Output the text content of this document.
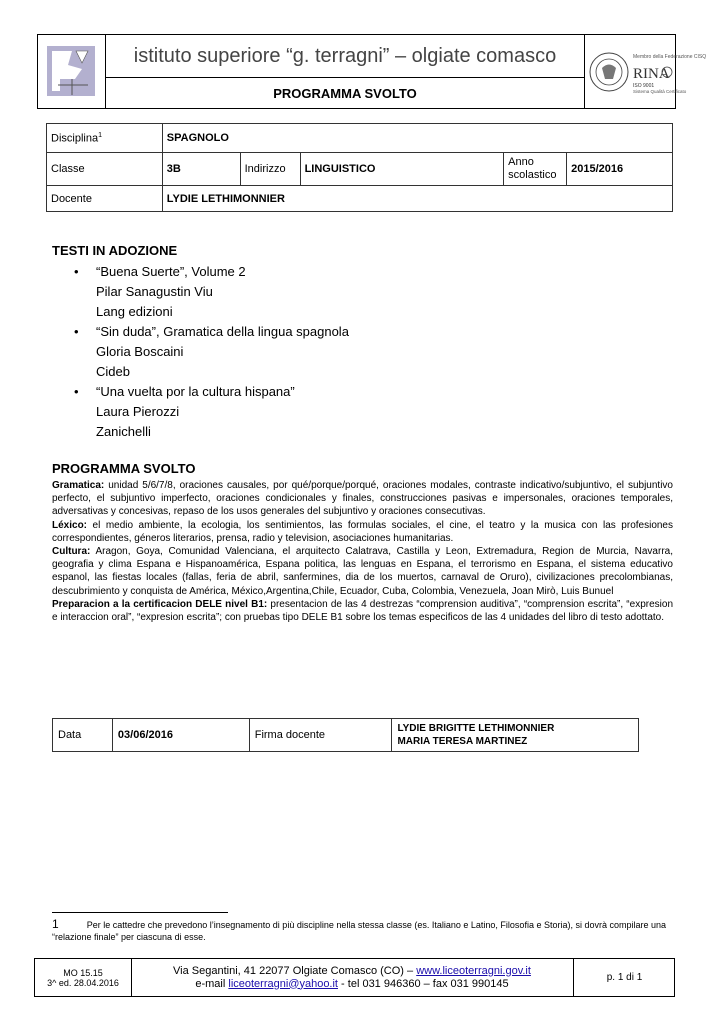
istituto superiore “g. terragni” – olgiate comasco
PROGRAMMA SVOLTO
Membro della Federazione CISQ
RINA
ISO 9001
Sistema Qualità Certificato
Disciplina$^1$	SPAGNOLO				
Classe	3B	Indirizzo	LINGUISTICO	Anno scolastico	2015/2016
Docente	LYDIE LETHIMONNIER				
TESTI IN ADOZIONE
• “Buena Suerte”, Volume 2
Pilar Sanagustin Viu
Lang edizioni
• “Sin duda”, Gramatica della lingua spagnola
Gloria Boscaini
Cideb
• “Una vuelta por la cultura hispana”
Laura Pierozzi
Zanichelli
PROGRAMMA SVOLTO
Gramatica: unidad 5/6/7/8, oraciones causales, por qué/porque/porqué, oraciones modales, contraste indicativo/subjuntivo, el subjuntivo perfecto, el subjuntivo imperfecto, oraciones condicionales y finales, construcciones pasivas e impersonales, oraciones temporales, adversativas y concesivas, repaso de los usos generales del subjuntivo y oraciones consecutivas.
Léxico: el medio ambiente, la ecologia, los sentimientos, las formulas sociales, el cine, el teatro y la musica con las profesiones correspondientes, géneros literarios, prensa, radio y television, asociaciones humanitarias.
Cultura: Aragon, Goya, Comunidad Valenciana, el arquitecto Calatrava, Castilla y Leon, Extremadura, Region de Murcia, Navarra, geografia y clima Espana e Hispanoamérica, Espana politica, las lenguas en Espana, el terrorismo en Espana, el sistema educativo espanol, las fiestas locales (fallas, feria de abril, sanfermines, dia de los muertos, carnaval de Oruro), civilizaciones precolombianas, descubrimiento y conquista de América, México,Argentina,Chile, Ecuador, Cuba, Colombia, Venezuela, Joan Mirò, Luis Bunuel
Preparacion a la certificacion DELE nivel B1: presentacion de las 4 destrezas “comprension auditiva”, “comprension escrita”, “expresion e interaccion oral”, “expresion escrita”; con pruebas tipo DELE B1 sobre los temas especificos de las 4 unidades del libro di testo adottato.
Data	03/06/2016	Firma docente	
LYDIE BRIGITTE LETHIMONNIER
MARIA TERESA MARTINEZ
1	Per le cattedre che prevedono l’insegnamento di più discipline nella stessa classe (es. Italiano e Latino, Filosofia e Storia), si dovrà compilare una “relazione finale” per ciascuna di esse.
MO 15.15
3^ ed. 28.04.2016
Via Segantini, 41 22077 Olgiate Comasco (CO) – www.liceoterragni.gov.it
e-mail liceoterragni@yahoo.it - tel 031 946360 – fax 031 990145	p. 1 di 1
